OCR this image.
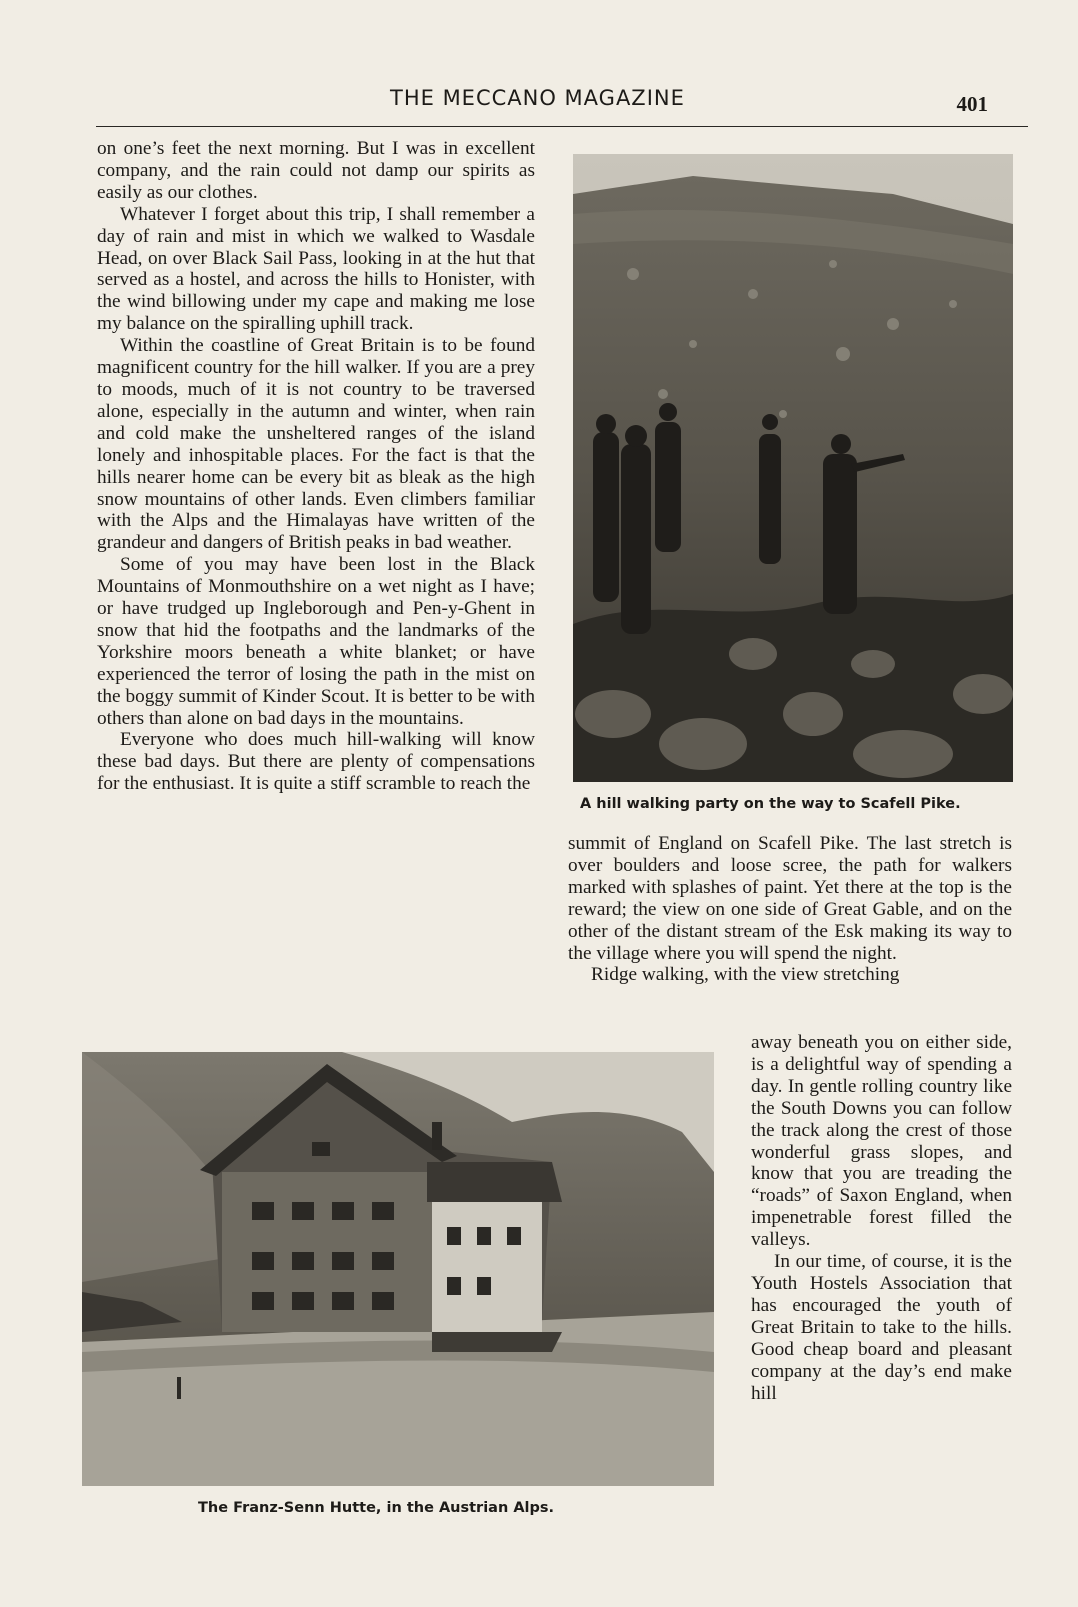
THE MECCANO MAGAZINE	401

on one’s feet the next morning. But I was in excellent company, and the rain could not damp our spirits as easily as our clothes.

Whatever I forget about this trip, I shall remember a day of rain and mist in which we walked to Wasdale Head, on over Black Sail Pass, looking in at the hut that served as a hostel, and across the hills to Honister, with the wind billowing under my cape and making me lose my balance on the spiralling uphill track.

Within the coastline of Great Britain is to be found magnificent country for the hill walker. If you are a prey to moods, much of it is not country to be traversed alone, especially in the autumn and winter, when rain and cold make the unsheltered ranges of the island lonely and inhospitable places. For the fact is that the hills nearer home can be every bit as bleak as the high snow mountains of other lands. Even climbers familiar with the Alps and the Himalayas have written of the grandeur and dangers of British peaks in bad weather.

Some of you may have been lost in the Black Mountains of Monmouthshire on a wet night as I have; or have trudged up Ingleborough and Pen-y-Ghent in snow that hid the footpaths and the landmarks of the Yorkshire moors beneath a white blanket; or have experienced the terror of losing the path in the mist on the boggy summit of Kinder Scout. It is better to be with others than alone on bad days in the mountains.

Everyone who does much hill-walking will know these bad days. But there are plenty of compensations for the enthusiast. It is quite a stiff scramble to reach the

A hill walking party on the way to Scafell Pike.

summit of England on Scafell Pike. The last stretch is over boulders and loose scree, the path for walkers marked with splashes of paint. Yet there at the top is the reward; the view on one side of Great Gable, and on the other of the distant stream of the Esk making its way to the village where you will spend the night.

Ridge walking, with the view stretching

The Franz-Senn Hutte, in the Austrian Alps.

away beneath you on either side, is a delightful way of spending a day. In gentle rolling country like the South Downs you can follow the track along the crest of those wonderful grass slopes, and know that you are treading the “roads” of Saxon England, when impenetrable forest filled the valleys.

In our time, of course, it is the Youth Hostels Association that has encouraged the youth of Great Britain to take to the hills. Good cheap board and pleasant company at the day’s end make hill
